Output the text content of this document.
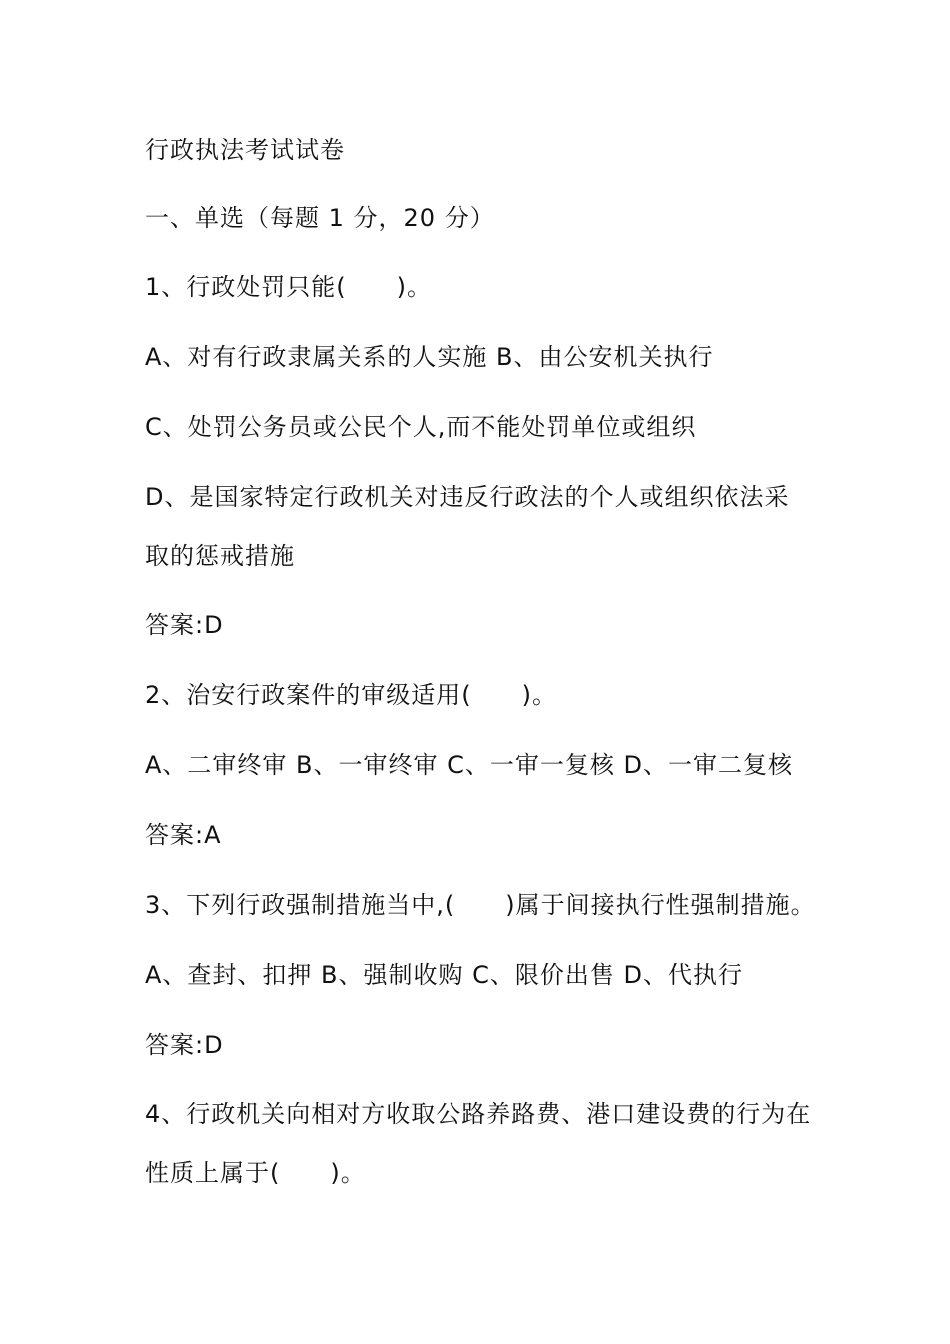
行政执法考试试卷
一、单选（每题 1 分，20 分）
1、行政处罚只能(　　)。
A、对有行政隶属关系的人实施 B、由公安机关执行
C、处罚公务员或公民个人,而不能处罚单位或组织
D、是国家特定行政机关对违反行政法的个人或组织依法采
取的惩戒措施
答案:D
2、治安行政案件的审级适用(　　)。
A、二审终审 B、一审终审 C、一审一复核 D、一审二复核
答案:A
3、下列行政强制措施当中,(　　)属于间接执行性强制措施。
A、查封、扣押 B、强制收购 C、限价出售 D、代执行
答案:D
4、行政机关向相对方收取公路养路费、港口建设费的行为在
性质上属于(　　)。
